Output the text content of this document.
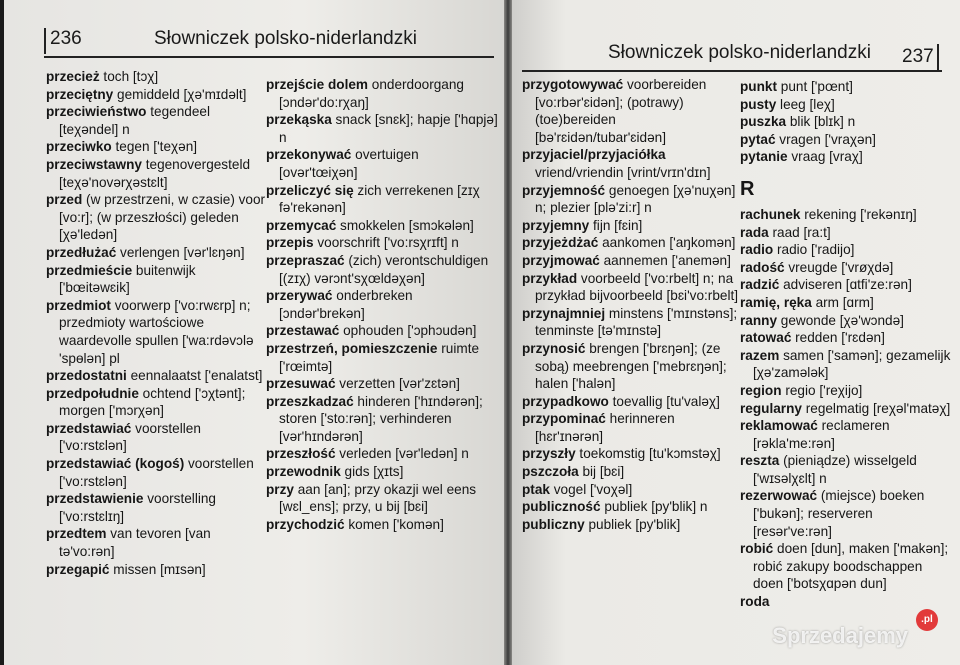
236	Słowniczek polsko-niderlandzki
przecież toch [tɔχ]
przeciętny gemiddeld [χə'mɪdəlt]
przeciwieństwo tegendeel [teχəndel] n
przeciwko tegen ['teχən]
przeciwstawny tegenovergesteld [teχə'novərχəstɛlt]
przed (w przestrzeni, w czasie) voor [vo:r]; (w przeszłości) geleden [χə'ledən]
przedłużać verlengen [vər'lɛŋən]
przedmieście buitenwijk ['bœitəwɛik]
przedmiot voorwerp ['vo:rwɛrp] n; przedmioty wartościowe waardevolle spullen ['wa:rdəvɔlə 'spɵlən] pl
przedostatni eennalaatst ['enalatst]
przedpołudnie ochtend ['ɔχtənt]; morgen ['mɔrχən]
przedstawiać voorstellen ['vo:rstɛlən]
przedstawiać (kogoś) voorstellen ['vo:rstɛlən]
przedstawienie voorstelling ['vo:rstɛlɪŋ]
przedtem van tevoren [van tə'vo:rən]
przegapić missen [mɪsən]
przejście dolem onderdoorgang [ɔndər'do:rχaŋ]
przekąska snack [snɛk]; hapje ['hɑpjə] n
przekonywać overtuigen [ovər'tœiχən]
przeliczyć się zich verrekenen [zɪχ fə'rekənən]
przemycać smokkelen [smɔkələn]
przepis voorschrift ['vo:rsχrɪft] n
przepraszać (zich) verontschuldigen [(zɪχ) vərɔnt'sχœldəχən]
przerywać onderbreken [ɔndər'brekən]
przestawać ophouden ['ɔphɔudən]
przestrzeń, pomieszczenie ruimte ['rœimtə]
przesuwać verzetten [vər'zɛtən]
przeszkadzać hinderen ['hɪndərən]; storen ['sto:rən]; verhinderen [vər'hɪndərən]
przeszłość verleden [vər'ledən] n
przewodnik gids [χɪts]
przy aan [an]; przy okazji wel eens [wɛl_ens]; przy, u bij [bɛi]
przychodzić komen ['komən]
Słowniczek polsko-niderlandzki 237
przygotowywać voorbereiden [vo:rbər'ɛidən]; (potrawy) (toe)bereiden [bə'rɛidən/tubar'ɛidən]
przyjaciel/przyjaciółka vriend/vriendin [vrint/vrɪn'dɪn]
przyjemność genoegen [χə'nuχən] n; plezier [plə'zi:r] n
przyjemny fijn [fɛin]
przyjeżdżać aankomen ['aŋkomən]
przyjmować aannemen ['anemən]
przykład voorbeeld ['vo:rbelt] n; na przykład bijvoorbeeld [bɛi'vo:rbelt]
przynajmniej minstens ['mɪnstəns]; tenminste [tə'mɪnstə]
przynosić brengen ['brɛŋən]; (ze sobą) meebrengen ['mebrɛŋən]; halen ['halən]
przypadkowo toevallig [tu'valəχ]
przypominać herinneren [hɛr'ɪnərən]
przyszły toekomstig [tu'kɔmstəχ]
pszczoła bij [bɛi]
ptak vogel ['voχəl]
publiczność publiek [py'blik] n
publiczny publiek [py'blik]
punkt punt ['pœnt]
pusty leeg [leχ]
puszka blik [blɪk] n
pytać vragen ['vraχən]
pytanie vraag [vraχ]
R
rachunek rekening ['rekənɪŋ]
rada raad [ra:t]
radio radio ['radijo]
radość vreugde ['vrøχdə]
radzić adviseren [ɑtfi'ze:rən]
ramię, ręka arm [ɑrm]
ranny gewonde [χə'wɔndə]
ratować redden ['rɛdən]
razem samen ['samən]; gezamelijk [χə'zamələk]
region regio ['reχijo]
regularny regelmatig [reχəl'matəχ]
reklamować reclameren [rəkla'me:rən]
reszta (pieniądze) wisselgeld ['wɪsəlχɛlt] n
rezerwować (miejsce) boeken ['bukən]; reserveren [resər've:rən]
robić doen [dun], maken ['makən]; robić zakupy boodschappen doen ['botsχɑpən dun]
roda
.pl
Sprzedajemy
